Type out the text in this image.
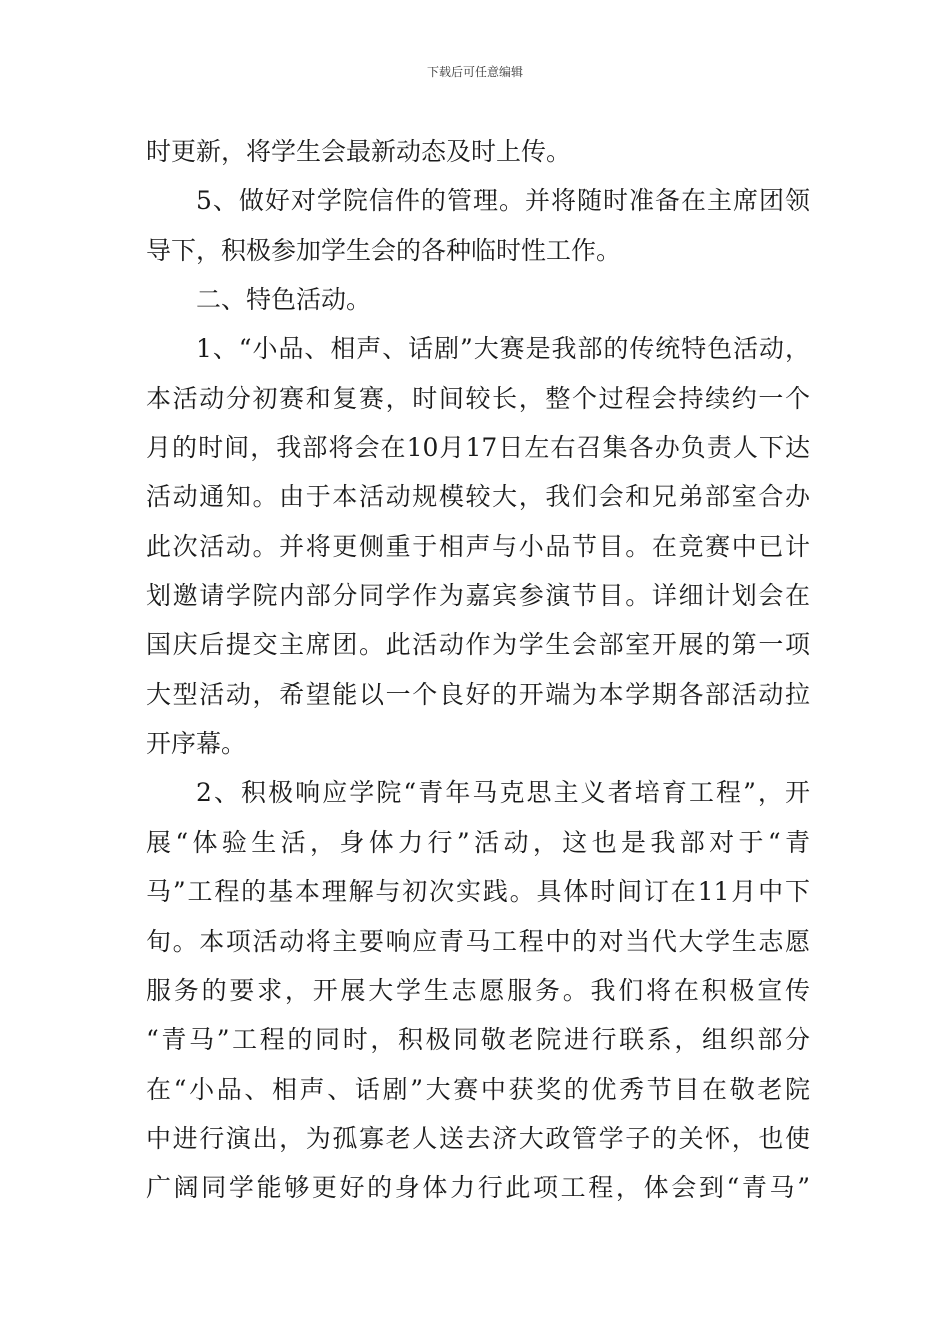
下载后可任意编辑
时更新，将学生会最新动态及时上传。
5、做好对学院信件的管理。并将随时准备在主席团领
导下，积极参加学生会的各种临时性工作。
二、特色活动。
1、“小品、相声、话剧”大赛是我部的传统特色活动，
本活动分初赛和复赛，时间较长，整个过程会持续约一个
月的时间，我部将会在10月17日左右召集各办负责人下达
活动通知。由于本活动规模较大，我们会和兄弟部室合办
此次活动。并将更侧重于相声与小品节目。在竞赛中已计
划邀请学院内部分同学作为嘉宾参演节目。详细计划会在
国庆后提交主席团。此活动作为学生会部室开展的第一项
大型活动，希望能以一个良好的开端为本学期各部活动拉
开序幕。
2、积极响应学院“青年马克思主义者培育工程”，开
展“体验生活，身体力行”活动，这也是我部对于“青
马”工程的基本理解与初次实践。具体时间订在11月中下
旬。本项活动将主要响应青马工程中的对当代大学生志愿
服务的要求，开展大学生志愿服务。我们将在积极宣传
“青马”工程的同时，积极同敬老院进行联系，组织部分
在“小品、相声、话剧”大赛中获奖的优秀节目在敬老院
中进行演出，为孤寡老人送去济大政管学子的关怀，也使
广阔同学能够更好的身体力行此项工程，体会到“青马”
